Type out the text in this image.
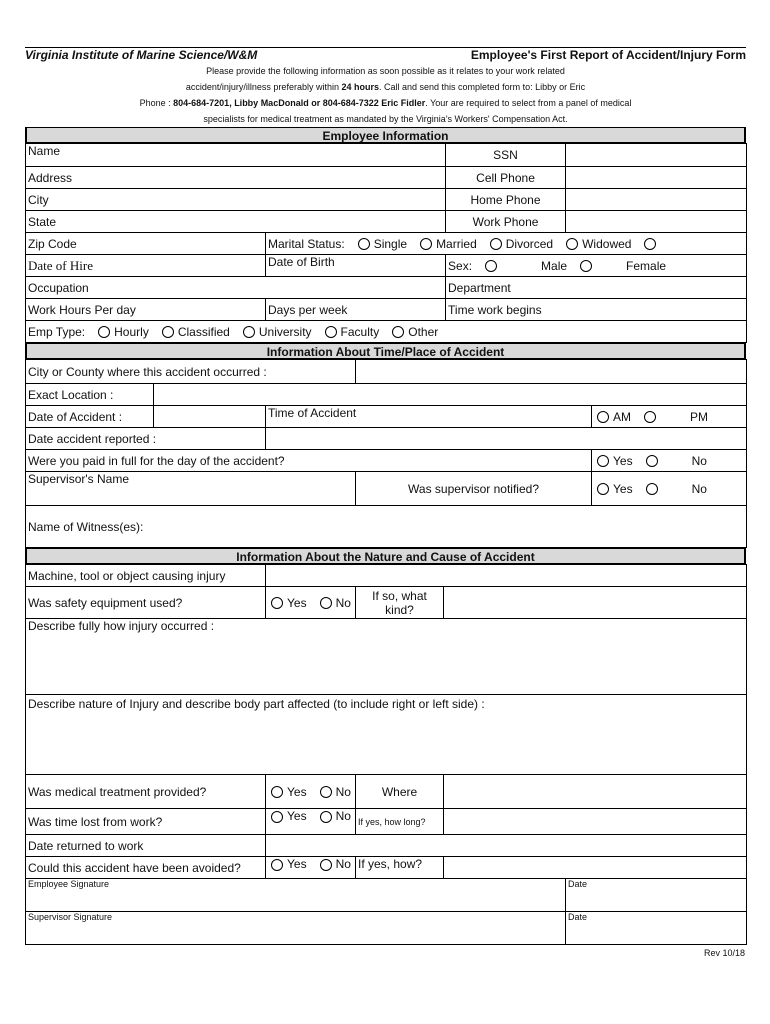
Virginia Institute of Marine Science/W&M	Employee's First Report of Accident/Injury Form
Please provide the following information as soon possible as it relates to your work related
accident/injury/illness preferably within 24 hours. Call and send this completed form to: Libby or Eric
Phone : 804-684-7201, Libby MacDonald or 804-684-7322 Eric Fidler. Your are required to select from a panel of medical
specialists for medical treatment as mandated by the Virginia's Workers' Compensation Act.
Employee Information
Name		SSN	
Address		Cell Phone	
City		Home Phone	
State		Work Phone	
Zip Code	Marital Status: Single Married Divorced Widowed		
Date of Hire	Date of Birth	Sex: Male Female	
Occupation		Department	
Work Hours Per day	Days per week	Time work begins	
Emp Type: Hourly Classified University Faculty Other			
Information About Time/Place of Accident
City or County where this accident occurred :				
Exact Location :				
Date of Accident :		Time of Accident		AM PM
Date accident reported :				
Were you paid in full for the day of the accident?				Yes No
Supervisor's Name			Was supervisor notified?	Yes No
Name of Witness(es):				
Information About the Nature and Cause of Accident
Machine, tool or object causing injury				
Was safety equipment used?	Yes No	If so, what kind?		
Describe fully how injury occurred :				
Describe nature of Injury and describe body part affected (to include right or left side) :				
Was medical treatment provided?	Yes No	Where		
Was time lost from work?	Yes No	If yes, how long?		
Date returned to work				
Could this accident have been avoided?	Yes No	If yes, how?		
Employee Signature				Date
Supervisor Signature				Date
Rev 10/18
